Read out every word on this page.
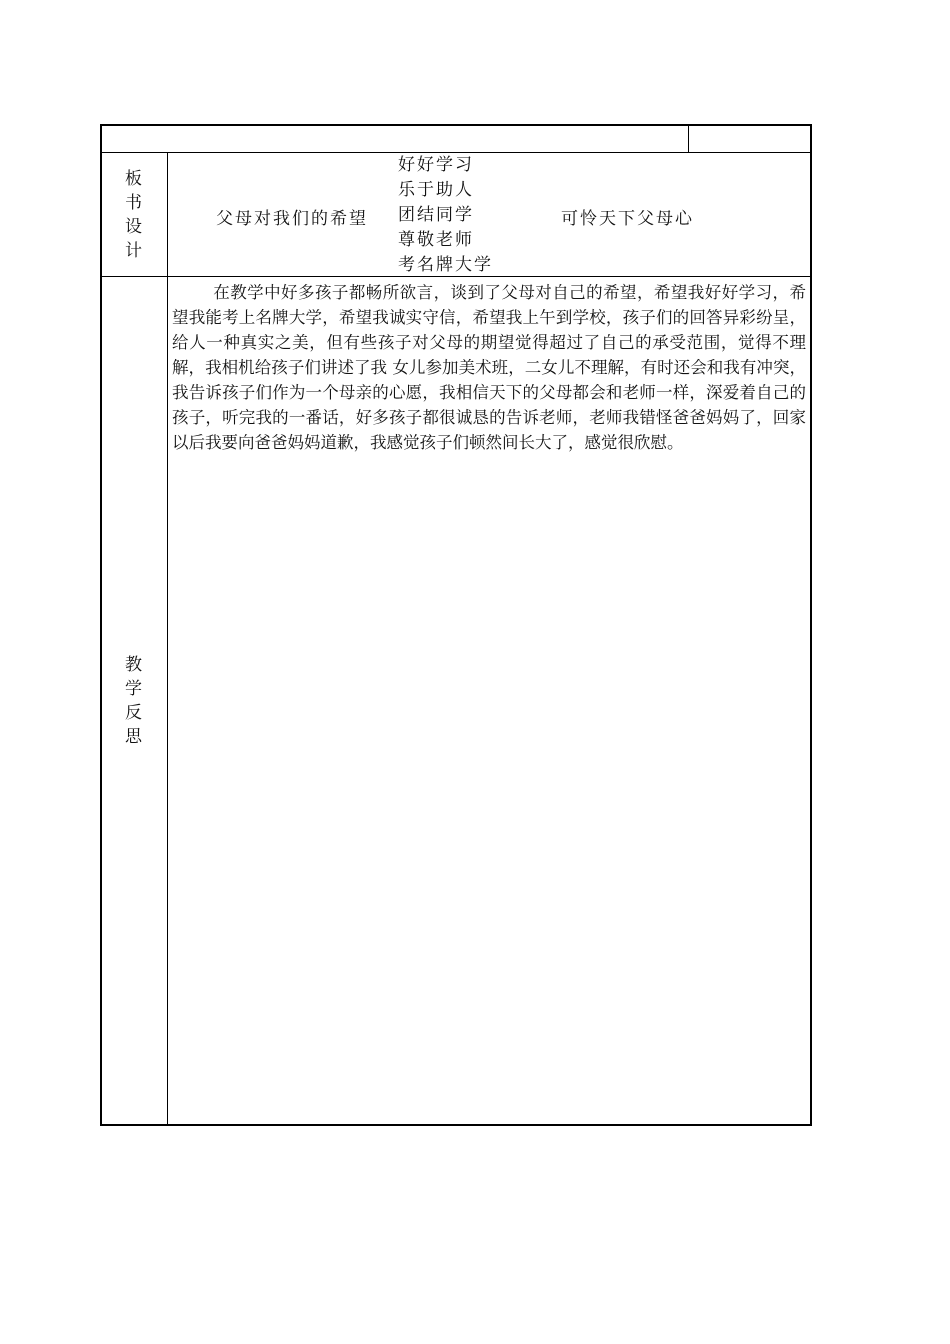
板书设计
父母对我们的希望
好好学习
乐于助人
团结同学
尊敬老师
考名牌大学
可怜天下父母心
教学反思

在教学中好多孩子都畅所欲言，谈到了父母对自己的希望，希望我好好学习，希望我能考上名牌大学，希望我诚实守信，希望我上午到学校，孩子们的回答异彩纷呈，给人一种真实之美，但有些孩子对父母的期望觉得超过了自己的承受范围，觉得不理解，我相机给孩子们讲述了我 女儿参加美术班，二女儿不理解，有时还会和我有冲突，我告诉孩子们作为一个母亲的心愿，我相信天下的父母都会和老师一样，深爱着自己的孩子，听完我的一番话，好多孩子都很诚恳的告诉老师，老师我错怪爸爸妈妈了，回家以后我要向爸爸妈妈道歉，我感觉孩子们顿然间长大了，感觉很欣慰。
